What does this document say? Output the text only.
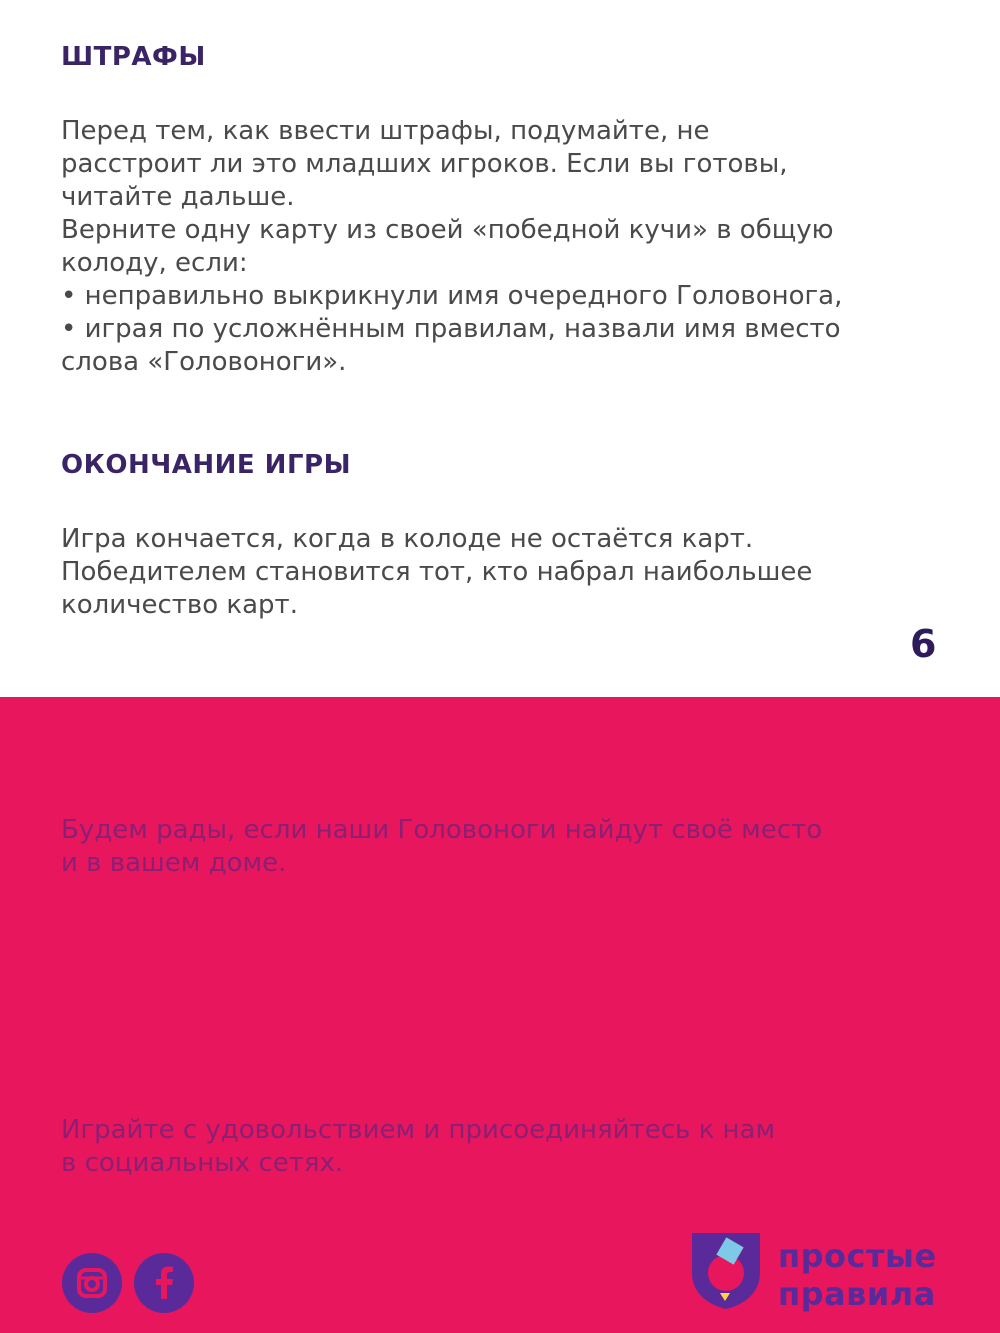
ШТРАФЫ
Перед тем, как ввести штрафы, подумайте, не
расстроит ли это младших игроков. Если вы готовы,
читайте дальше.
Верните одну карту из своей «победной кучи» в общую
колоду, если:
• неправильно выкрикнули имя очередного Головонога,
• играя по усложнённым правилам, назвали имя вместо
слова «Головоноги».
ОКОНЧАНИЕ ИГРЫ
Игра кончается, когда в колоде не остаётся карт.
Победителем становится тот, кто набрал наибольшее
количество карт.
6
Будем рады, если наши Головоноги найдут своё место
и в вашем доме.
Играйте с удовольствием и присоединяйтесь к нам
в социальных сетях.
простые
правила
